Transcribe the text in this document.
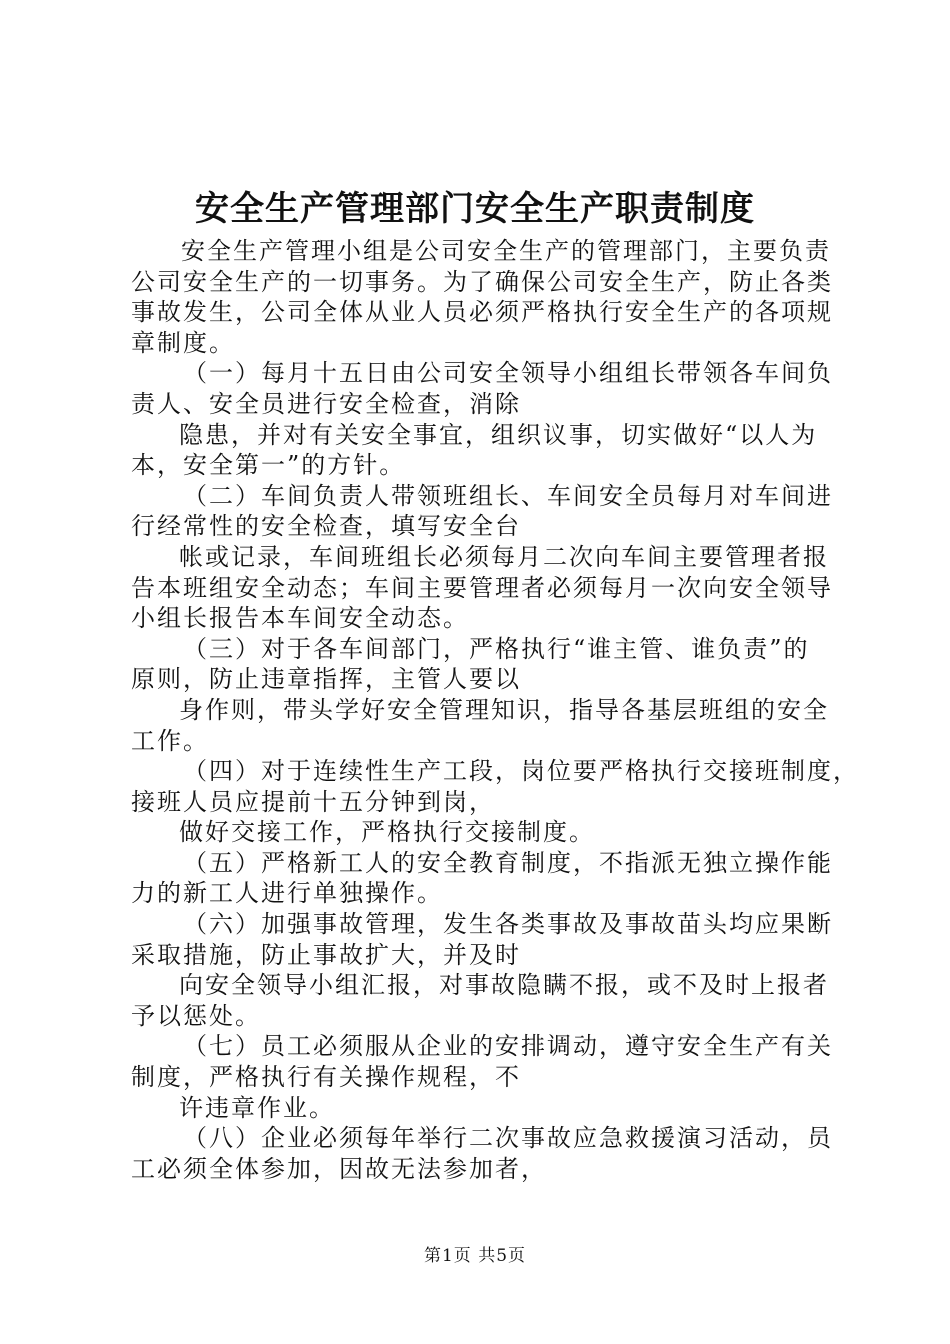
安全生产管理部门安全生产职责制度

安全生产管理小组是公司安全生产的管理部门，主要负责

公司安全生产的一切事务。为了确保公司安全生产，防止各类

事故发生，公司全体从业人员必须严格执行安全生产的各项规

章制度。

（一）每月十五日由公司安全领导小组组长带领各车间负

责人、安全员进行安全检查，消除

隐患，并对有关安全事宜，组织议事，切实做好“以人为

本，安全第一”的方针。

（二）车间负责人带领班组长、车间安全员每月对车间进

行经常性的安全检查，填写安全台

帐或记录，车间班组长必须每月二次向车间主要管理者报

告本班组安全动态；车间主要管理者必须每月一次向安全领导

小组长报告本车间安全动态。

（三）对于各车间部门，严格执行“谁主管、谁负责”的

原则，防止违章指挥，主管人要以

身作则，带头学好安全管理知识，指导各基层班组的安全

工作。

（四）对于连续性生产工段，岗位要严格执行交接班制度，

接班人员应提前十五分钟到岗，

做好交接工作，严格执行交接制度。

（五）严格新工人的安全教育制度，不指派无独立操作能

力的新工人进行单独操作。

（六）加强事故管理，发生各类事故及事故苗头均应果断

采取措施，防止事故扩大，并及时

向安全领导小组汇报，对事故隐瞒不报，或不及时上报者

予以惩处。

（七）员工必须服从企业的安排调动，遵守安全生产有关

制度，严格执行有关操作规程，不

许违章作业。

（八）企业必须每年举行二次事故应急救援演习活动，员

工必须全体参加，因故无法参加者，

第1页 共5页
